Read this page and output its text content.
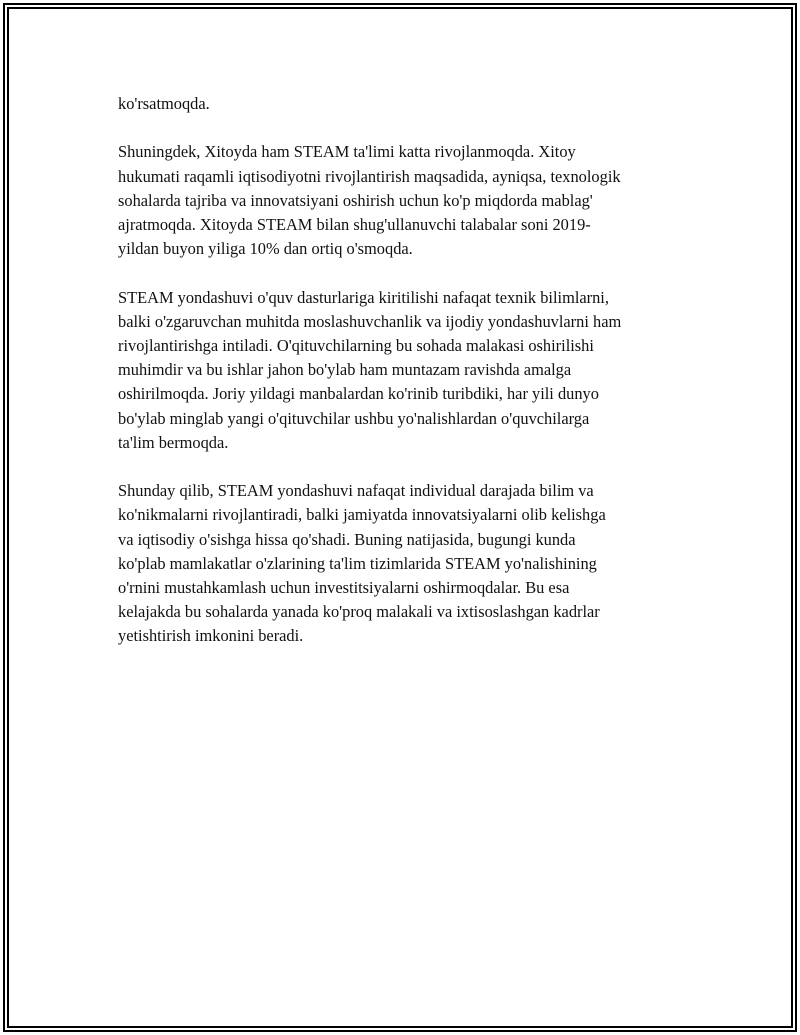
ko'rsatmoqda.

Shuningdek, Xitoyda ham STEAM ta'limi katta rivojlanmoqda. Xitoy
hukumati raqamli iqtisodiyotni rivojlantirish maqsadida, ayniqsa, texnologik
sohalarda tajriba va innovatsiyani oshirish uchun ko'p miqdorda mablag'
ajratmoqda. Xitoyda STEAM bilan shug'ullanuvchi talabalar soni 2019-
yildan buyon yiliga 10% dan ortiq o'smoqda.

STEAM yondashuvi o'quv dasturlariga kiritilishi nafaqat texnik bilimlarni,
balki o'zgaruvchan muhitda moslashuvchanlik va ijodiy yondashuvlarni ham
rivojlantirishga intiladi. O'qituvchilarning bu sohada malakasi oshirilishi
muhimdir va bu ishlar jahon bo'ylab ham muntazam ravishda amalga
oshirilmoqda. Joriy yildagi manbalardan ko'rinib turibdiki, har yili dunyo
bo'ylab minglab yangi o'qituvchilar ushbu yo'nalishlardan o'quvchilarga
ta'lim bermoqda.

Shunday qilib, STEAM yondashuvi nafaqat individual darajada bilim va
ko'nikmalarni rivojlantiradi, balki jamiyatda innovatsiyalarni olib kelishga
va iqtisodiy o'sishga hissa qo'shadi. Buning natijasida, bugungi kunda
ko'plab mamlakatlar o'zlarining ta'lim tizimlarida STEAM yo'nalishining
o'rnini mustahkamlash uchun investitsiyalarni oshirmoqdalar. Bu esa
kelajakda bu sohalarda yanada ko'proq malakali va ixtisoslashgan kadrlar
yetishtirish imkonini beradi.
